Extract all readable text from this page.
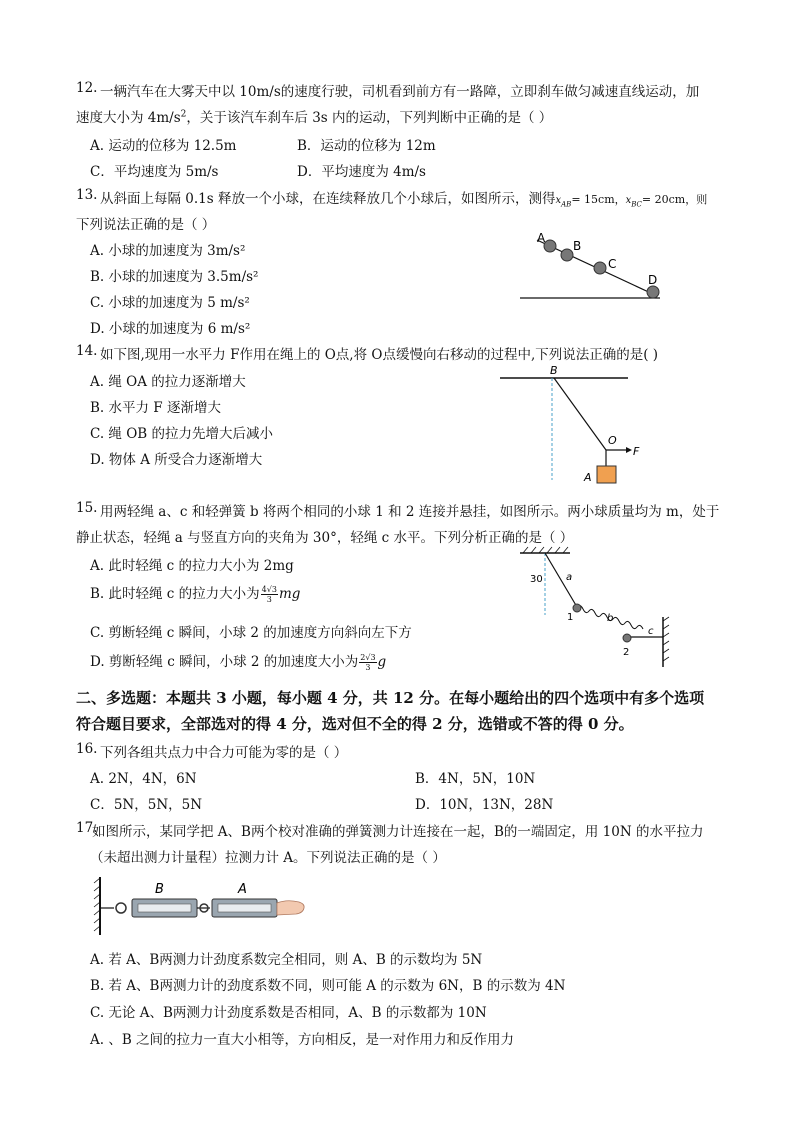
12. 一辆汽车在大雾天中以 10m/s的速度行驶，司机看到前方有一路障，立即刹车做匀减速直线运动，加
速度大小为 $4m/s^2$，关于该汽车刹车后 3s 内的运动，下列判断中正确的是（ ）
A. 运动的位移为 12.5m	B．运动的位移为 12m
C．平均速度为 5m/s	D．平均速度为 4m/s
13. 从斜面上每隔 0.1s 释放一个小球，在连续释放几个小球后，如图所示，测得$x_{AB}= 15cm$，$x_{BC}= 20cm$，则
下列说法正确的是（ ）
A. 小球的加速度为 3m/s²
B. 小球的加速度为 3.5m/s²
C. 小球的加速度为 5 m/s²
D. 小球的加速度为 6 m/s²
A
B
C
D
14. 如下图,现用一水平力 F作用在绳上的 O点,将 O点缓慢向右移动的过程中,下列说法正确的是( )
A. 绳 OA 的拉力逐渐增大
B. 水平力 F 逐渐增大
C. 绳 OB 的拉力先增大后减小
D. 物体 A 所受合力逐渐增大
B
O
F
A
15. 用两轻绳 a、c 和轻弹簧 b 将两个相同的小球 1 和 2 连接并悬挂，如图所示。两小球质量均为 m，处于
静止状态，轻绳 a 与竖直方向的夹角为 30°，轻绳 c 水平。下列分析正确的是（ ）
A. 此时轻绳 c 的拉力大小为 2mg
B. 此时轻绳 c 的拉力大小为 $\frac{4√3}{3}$ mg
C. 剪断轻绳 c 瞬间，小球 2 的加速度方向斜向左下方
D. 剪断轻绳 c 瞬间，小球 2 的加速度大小为 $\frac{2√3}{3}$ g
30 a
b
c
1
2
二、多选题：本题共 3 小题，每小题 4 分，共 12 分。在每小题给出的四个选项中有多个选项
符合题目要求，全部选对的得 4 分，选对但不全的得 2 分，选错或不答的得 0 分。
16. 下列各组共点力中合力可能为零的是（ ）
A. 2N，4N，6N	B．4N，5N，10N
C．5N，5N，5N	D．10N，13N，28N
17.
如图所示，某同学把 A、B两个校对准确的弹簧测力计连接在一起，B的一端固定，用 10N 的水平拉力
（未超出测力计量程）拉测力计 A。下列说法正确的是（ ）
B	A
A. 若 A、B两测力计劲度系数完全相同，则 A、B 的示数均为 5N
B. 若 A、B两测力计的劲度系数不同，则可能 A 的示数为 6N，B 的示数为 4N
C. 无论 A、B两测力计劲度系数是否相同，A、B 的示数都为 10N
A. 、B 之间的拉力一直大小相等，方向相反，是一对作用力和反作用力
